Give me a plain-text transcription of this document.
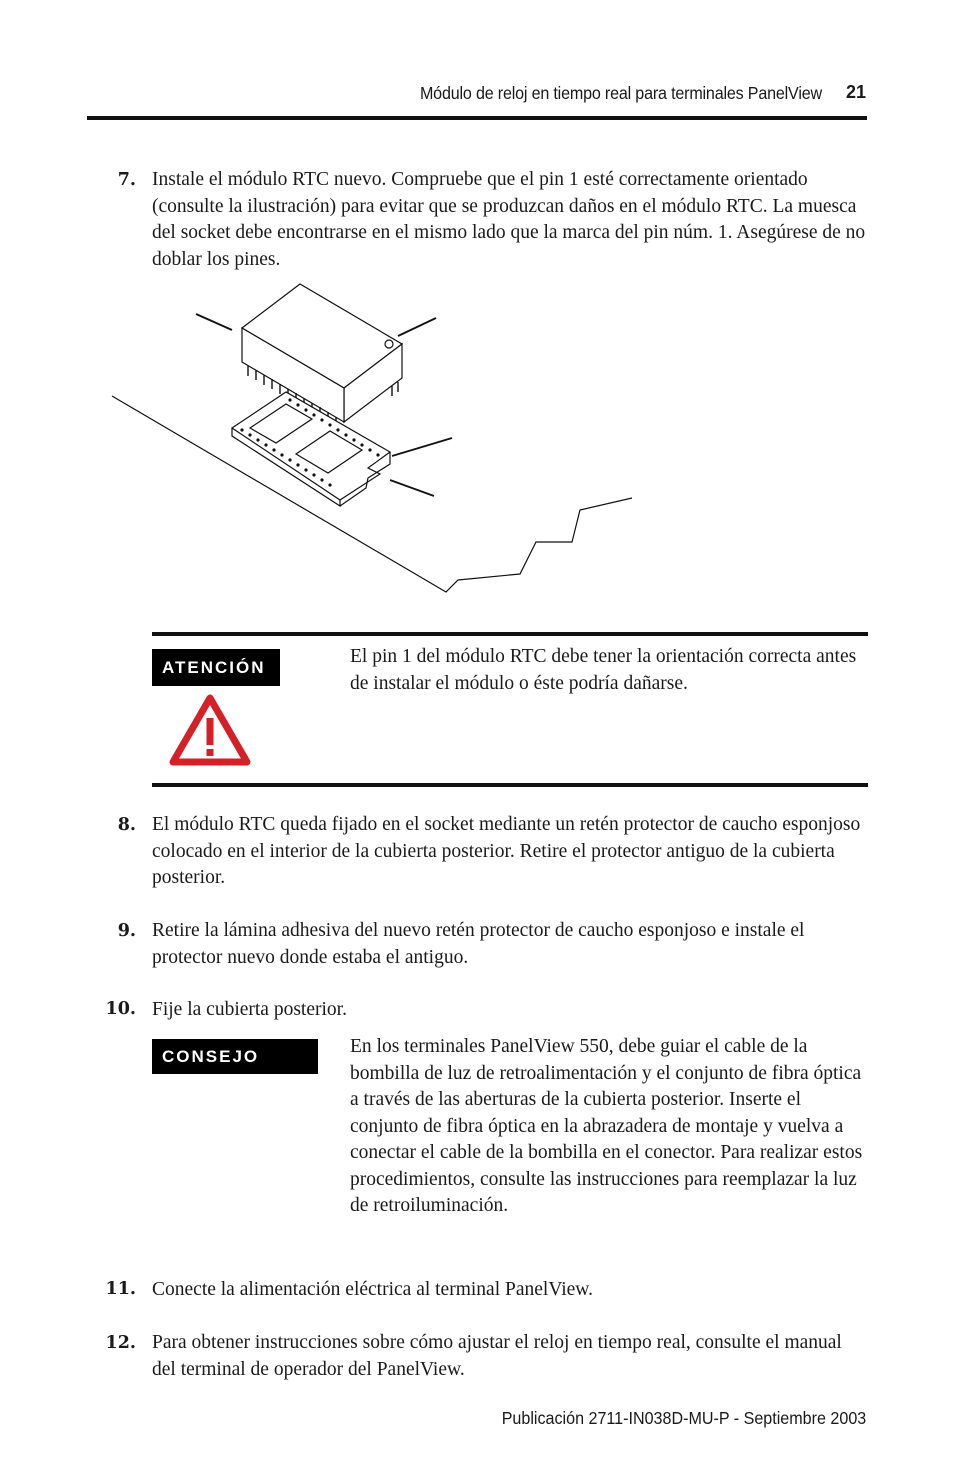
Módulo de reloj en tiempo real para terminales PanelView 21
7. Instale el módulo RTC nuevo. Compruebe que el pin 1 esté correctamente orientado (consulte la ilustración) para evitar que se produzcan daños en el módulo RTC. La muesca del socket debe encontrarse en el mismo lado que la marca del pin núm. 1. Asegúrese de no doblar los pines.
ATENCIÓN	El pin 1 del módulo RTC debe tener la orientación correcta antes de instalar el módulo o éste podría dañarse.
8. El módulo RTC queda fijado en el socket mediante un retén protector de caucho esponjoso colocado en el interior de la cubierta posterior. Retire el protector antiguo de la cubierta posterior.
9. Retire la lámina adhesiva del nuevo retén protector de caucho esponjoso e instale el protector nuevo donde estaba el antiguo.
10. Fije la cubierta posterior.
CONSEJO	En los terminales PanelView 550, debe guiar el cable de la bombilla de luz de retroalimentación y el conjunto de fibra óptica a través de las aberturas de la cubierta posterior. Inserte el conjunto de fibra óptica en la abrazadera de montaje y vuelva a conectar el cable de la bombilla en el conector. Para realizar estos procedimientos, consulte las instrucciones para reemplazar la luz de retroiluminación.
11. Conecte la alimentación eléctrica al terminal PanelView.
12. Para obtener instrucciones sobre cómo ajustar el reloj en tiempo real, consulte el manual del terminal de operador del PanelView.
Publicación 2711-IN038D-MU-P - Septiembre 2003
